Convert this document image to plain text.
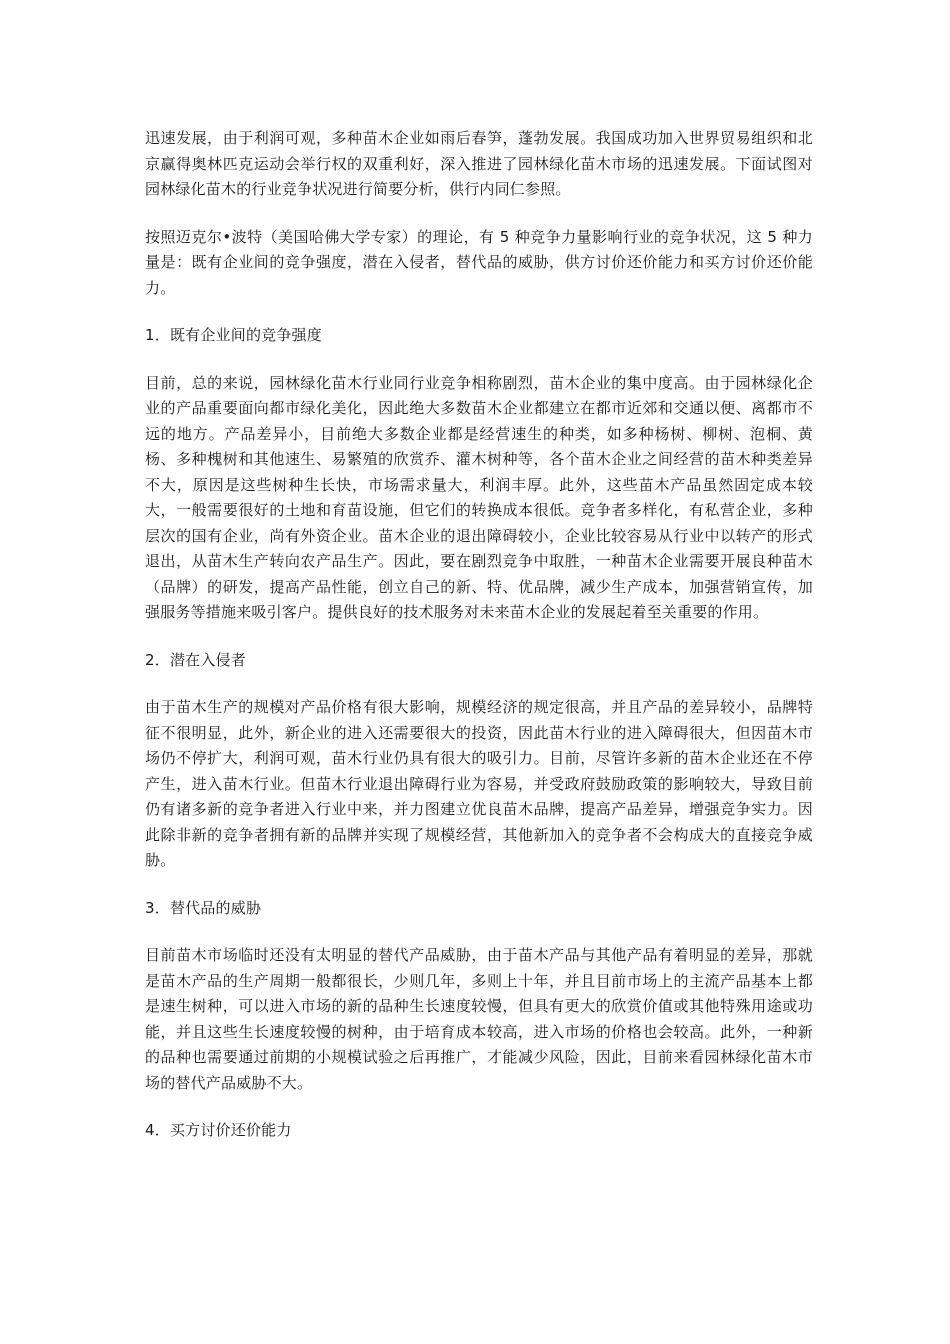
迅速发展，由于利润可观，多种苗木企业如雨后春笋，蓬勃发展。我国成功加入世界贸易组织和北京赢得奥林匹克运动会举行权的双重利好，深入推进了园林绿化苗木市场的迅速发展。下面试图对园林绿化苗木的行业竞争状况进行简要分析，供行内同仁参照。

按照迈克尔•波特（美国哈佛大学专家）的理论，有 5 种竞争力量影响行业的竞争状况，这 5 种力量是：既有企业间的竞争强度，潜在入侵者，替代品的威胁，供方讨价还价能力和买方讨价还价能力。

1．既有企业间的竞争强度

目前，总的来说，园林绿化苗木行业同行业竞争相称剧烈，苗木企业的集中度高。由于园林绿化企业的产品重要面向都市绿化美化，因此绝大多数苗木企业都建立在都市近郊和交通以便、离都市不远的地方。产品差异小，目前绝大多数企业都是经营速生的种类，如多种杨树、柳树、泡桐、黄杨、多种槐树和其他速生、易繁殖的欣赏乔、灌木树种等，各个苗木企业之间经营的苗木种类差异不大，原因是这些树种生长快，市场需求量大，利润丰厚。此外，这些苗木产品虽然固定成本较大，一般需要很好的土地和育苗设施，但它们的转换成本很低。竞争者多样化，有私营企业，多种层次的国有企业，尚有外资企业。苗木企业的退出障碍较小，企业比较容易从行业中以转产的形式退出，从苗木生产转向农产品生产。因此，要在剧烈竞争中取胜，一种苗木企业需要开展良种苗木（品牌）的研发，提高产品性能，创立自己的新、特、优品牌，减少生产成本，加强营销宣传，加强服务等措施来吸引客户。提供良好的技术服务对未来苗木企业的发展起着至关重要的作用。

2．潜在入侵者

由于苗木生产的规模对产品价格有很大影响，规模经济的规定很高，并且产品的差异较小，品牌特征不很明显，此外，新企业的进入还需要很大的投资，因此苗木行业的进入障碍很大，但因苗木市场仍不停扩大，利润可观，苗木行业仍具有很大的吸引力。目前，尽管许多新的苗木企业还在不停产生，进入苗木行业。但苗木行业退出障碍行业为容易，并受政府鼓励政策的影响较大，导致目前仍有诸多新的竞争者进入行业中来，并力图建立优良苗木品牌，提高产品差异，增强竞争实力。因此除非新的竞争者拥有新的品牌并实现了规模经营，其他新加入的竞争者不会构成大的直接竞争威胁。

3．替代品的威胁

目前苗木市场临时还没有太明显的替代产品威胁，由于苗木产品与其他产品有着明显的差异，那就是苗木产品的生产周期一般都很长，少则几年，多则上十年，并且目前市场上的主流产品基本上都是速生树种，可以进入市场的新的品种生长速度较慢，但具有更大的欣赏价值或其他特殊用途或功能，并且这些生长速度较慢的树种，由于培育成本较高，进入市场的价格也会较高。此外，一种新的品种也需要通过前期的小规模试验之后再推广，才能减少风险，因此，目前来看园林绿化苗木市场的替代产品威胁不大。

4．买方讨价还价能力
